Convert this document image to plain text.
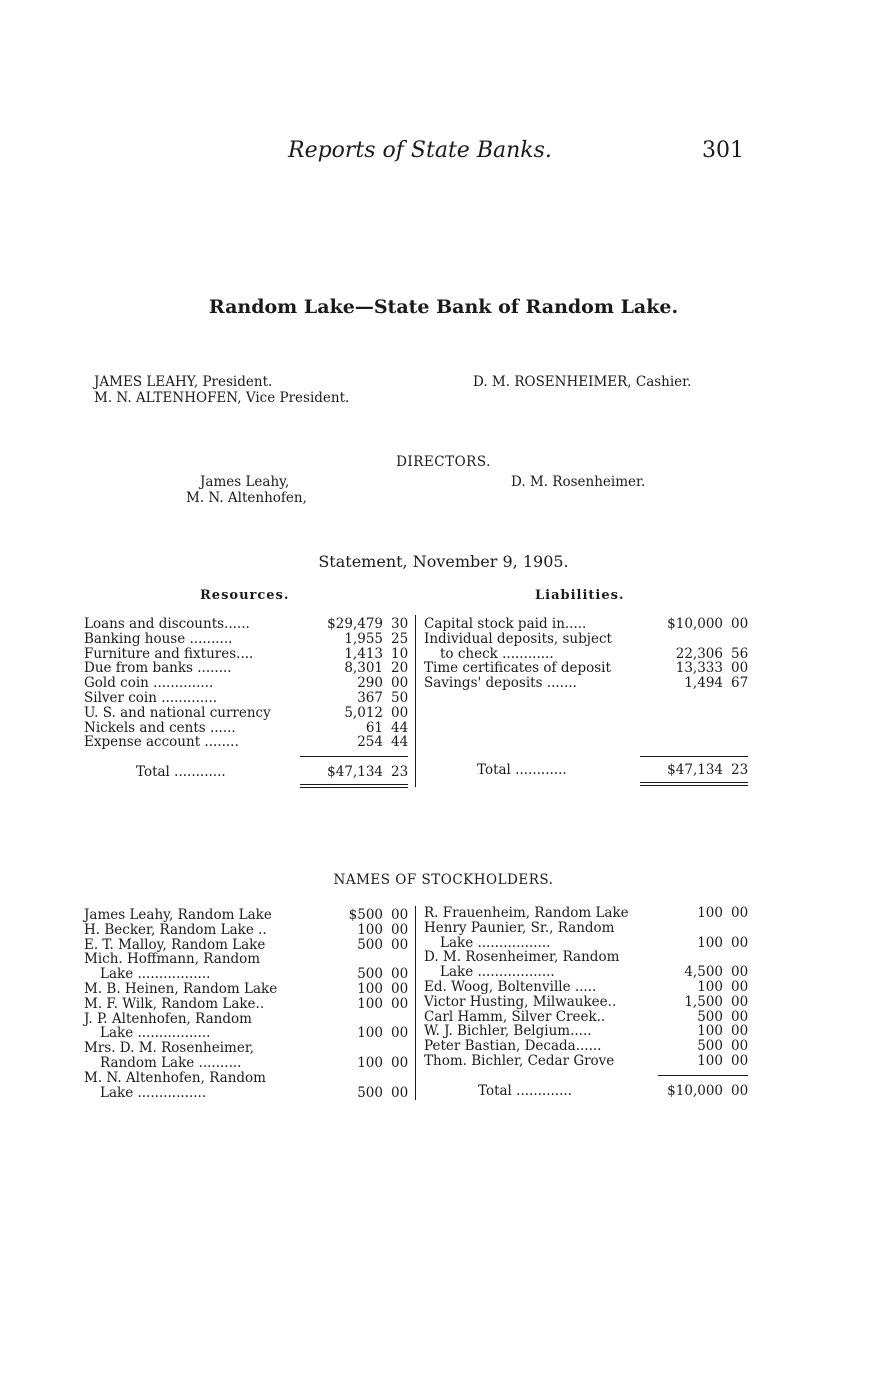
Reports of State Banks.	301
Random Lake—State Bank of Random Lake.
JAMES LEAHY, President.
M. N. ALTENHOFEN, Vice President.
D. M. ROSENHEIMER, Cashier.
DIRECTORS.
James Leahy,
M. N. Altenhofen,
D. M. Rosenheimer.
Statement, November 9, 1905.
Resources.	Liabilities.
Loans and discounts......	$29,479 30
Banking house ..........	1,955 25
Furniture and fixtures....	1,413 10
Due from banks ........	8,301 20
Gold coin ..............	290 00
Silver coin .............	367 50
U. S. and national currency	5,012 00
Nickels and cents ......	61 44
Expense account ........	254 44
Capital stock paid in.....	$10,000 00
Individual deposits, subject
to check ............	22,306 56
Time certificates of deposit	13,333 00
Savings' deposits .......	1,494 67
Total ............	$47,134 23	Total ............	$47,134 23
NAMES OF STOCKHOLDERS.
James Leahy, Random Lake	$500 00
H. Becker, Random Lake ..	100 00
E. T. Malloy, Random Lake	500 00
Mich. Hoffmann, Random
Lake .................	500 00
M. B. Heinen, Random Lake	100 00
M. F. Wilk, Random Lake..	100 00
J. P. Altenhofen, Random
Lake .................	100 00
Mrs. D. M. Rosenheimer,
Random Lake ..........	100 00
M. N. Altenhofen, Random
Lake ................	500 00
R. Frauenheim, Random Lake	100 00
Henry Paunier, Sr., Random
Lake .................	100 00
D. M. Rosenheimer, Random
Lake ..................	4,500 00
Ed. Woog, Boltenville .....	100 00
Victor Husting, Milwaukee..	1,500 00
Carl Hamm, Silver Creek..	500 00
W. J. Bichler, Belgium.....	100 00
Peter Bastian, Decada......	500 00
Thom. Bichler, Cedar Grove	100 00
Total .............	$10,000 00
